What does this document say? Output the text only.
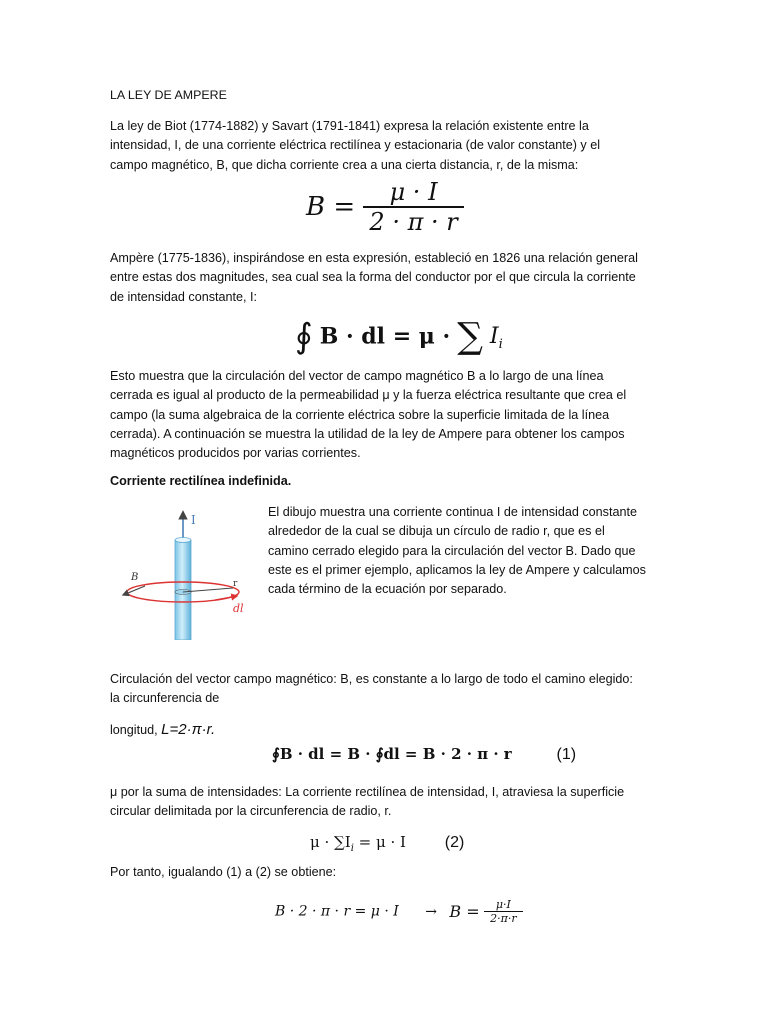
LA LEY DE AMPERE

La ley de Biot (1774-1882) y Savart (1791-1841) expresa la relación existente entre la
intensidad, I, de una corriente eléctrica rectilínea y estacionaria (de valor constante) y el
campo magnético, B, que dicha corriente crea a una cierta distancia, r, de la misma:

$B = \frac{\mu \cdot I}{2 \cdot \pi \cdot r}$

Ampère (1775-1836), inspirándose en esta expresión, estableció en 1826 una relación general
entre estas dos magnitudes, sea cual sea la forma del conductor por el que circula la corriente
de intensidad constante, I:

∮ B · dl = μ · ∑ $I_i$

Esto muestra que la circulación del vector de campo magnético B a lo largo de una línea
cerrada es igual al producto de la permeabilidad μ y la fuerza eléctrica resultante que crea el
campo (la suma algebraica de la corriente eléctrica sobre la superficie limitada de la línea
cerrada). A continuación se muestra la utilidad de la ley de Ampere para obtener los campos
magnéticos producidos por varias corrientes.

Corriente rectilínea indefinida.

I
r
B
dl

El dibujo muestra una corriente continua I de intensidad constante
alrededor de la cual se dibuja un círculo de radio r, que es el
camino cerrado elegido para la circulación del vector B. Dado que
este es el primer ejemplo, aplicamos la ley de Ampere y calculamos
cada término de la ecuación por separado.

Circulación del vector campo magnético: B, es constante a lo largo de todo el camino elegido:
la circunferencia de

longitud, L=2·π·r.

∮B · dl = B · ∮dl = B · 2 · π · r	(1)

μ por la suma de intensidades: La corriente rectilínea de intensidad, I, atraviesa la superficie
circular delimitada por la circunferencia de radio, r.

$\mu \cdot \sum I_i = \mu \cdot I$ (2)

Por tanto, igualando (1) a (2) se obtiene:

$B \cdot 2 \cdot \pi \cdot r = \mu \cdot I \to B = \frac{\mu\cdot I}{2\cdot\pi\cdot r}$
